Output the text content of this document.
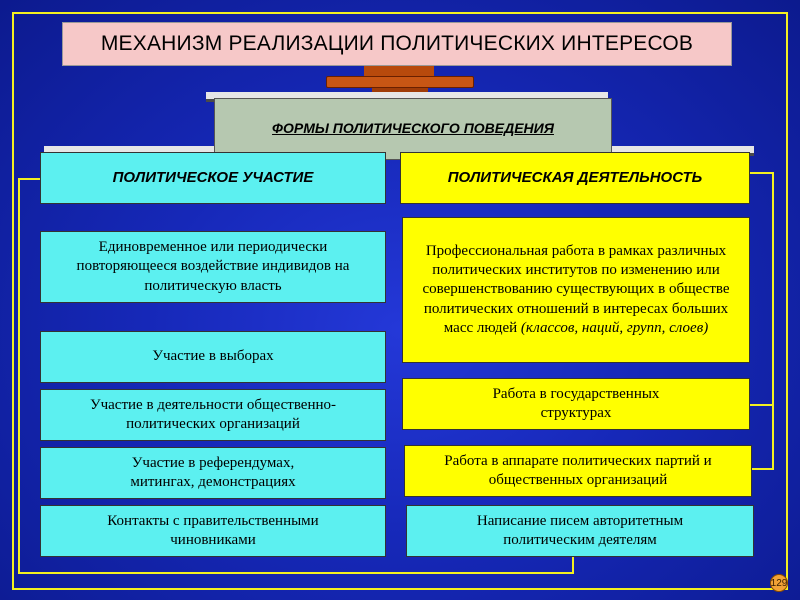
МЕХАНИЗМ РЕАЛИЗАЦИИ ПОЛИТИЧЕСКИХ ИНТЕРЕСОВ
ФОРМЫ ПОЛИТИЧЕСКОГО ПОВЕДЕНИЯ
ПОЛИТИЧЕСКОЕ УЧАСТИЕ	ПОЛИТИЧЕСКАЯ ДЕЯТЕЛЬНОСТЬ
Единовременное или периодически повторяющееся воздействие индивидов на политическую власть
Участие в выборах
Участие в деятельности общественно-политических организаций
Участие в референдумах, митингах, демонстрациях
Контакты с правительственными чиновниками
Профессиональная работа в рамках различных политических институтов по изменению или совершенствованию существующих в обществе политических отношений в интересах больших масс людей (классов, наций, групп, слоев)
Работа в государственных структурах
Работа в аппарате политических партий и общественных организаций
Написание писем авторитетным политическим деятелям
129
